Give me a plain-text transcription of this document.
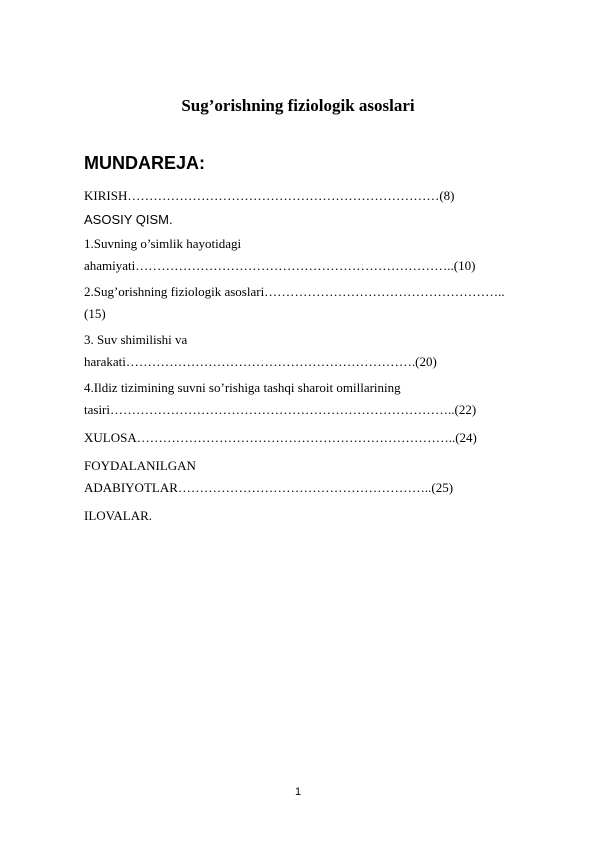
Sug’orishning fiziologik asoslari
MUNDAREJA:
KIRISH………………………………………………………………(8)
ASOSIY QISM.
1.Suvning o’simlik hayotidagi
ahamiyati………………………………………………………………..(10)
2.Sug’orishning fiziologik asoslari………………………………………………..
(15)
3. Suv shimilishi va
harakati………………………………………………………….(20)
4.Ildiz tizimining suvni so’rishiga tashqi sharoit omillarining
tasiri……………………………………………………………………..(22)
XULOSA………………………………………………………………..(24)
FOYDALANILGAN
ADABIYOTLAR…………………………………………………..(25)
ILOVALAR.
1
